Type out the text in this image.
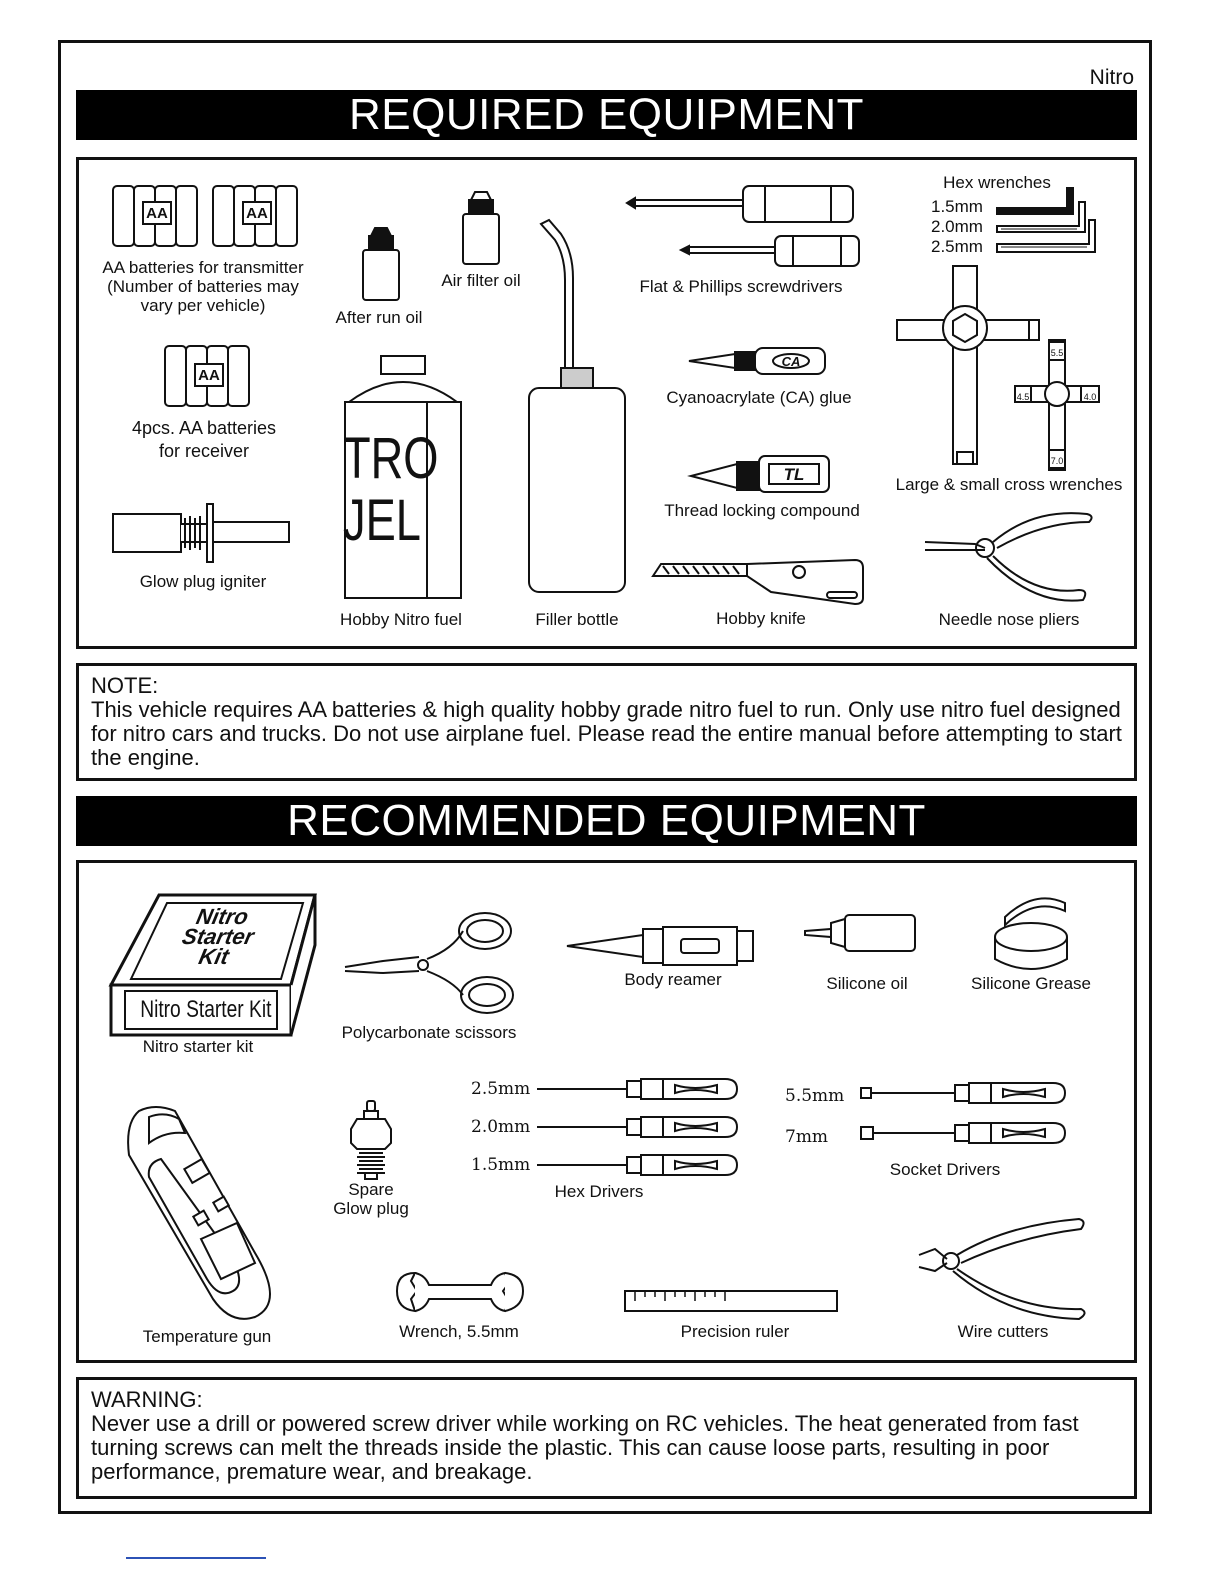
Nitro
REQUIRED EQUIPMENT
AA	AA
AA batteries for transmitter
(Number of batteries may
vary per vehicle)
AA
4pcs. AA batteries
for receiver
Glow plug igniter
After run oil
Air filter oil
TRO
JEL
Hobby Nitro fuel	Filler bottle
Flat & Phillips screwdrivers
CA
Cyanoacrylate (CA) glue
TL
Thread locking compound
Hobby knife
Hex wrenches
1.5mm
2.0mm
2.5mm
5.5
4.5	4.0
7.0
Large & small cross wrenches
Needle nose pliers
NOTE:
This vehicle requires AA batteries & high quality hobby grade nitro fuel to run. Only use nitro fuel designed for nitro cars and trucks. Do not use airplane fuel. Please read the entire manual before attempting to start the engine.
RECOMMENDED EQUIPMENT
Nitro
Starter
Kit
Nitro Starter Kit
Nitro starter kit
Polycarbonate scissors
Body reamer	Silicone oil	Silicone Grease
Temperature gun
Spare
Glow plug
2.5mm
2.0mm
1.5mm
Hex Drivers
5.5mm
7mm
Socket Drivers
Wrench, 5.5mm	Precision ruler	Wire cutters
WARNING:
Never use a drill or powered screw driver while working on RC vehicles. The heat generated from fast turning screws can melt the threads inside the plastic. This can cause loose parts, resulting in poor performance, premature wear, and breakage.
